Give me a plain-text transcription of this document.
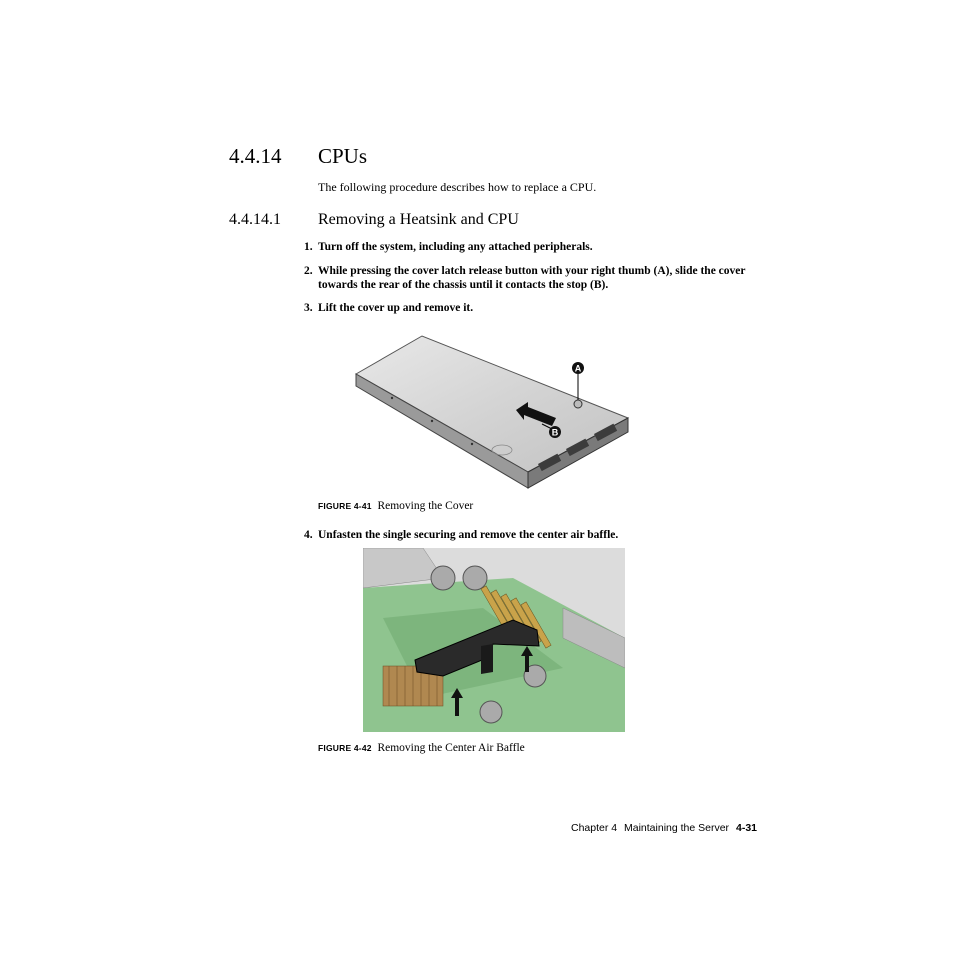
4.4.14 CPUs
The following procedure describes how to replace a CPU.
4.4.14.1 Removing a Heatsink and CPU
1. Turn off the system, including any attached peripherals.
2. While pressing the cover latch release button with your right thumb (A), slide the cover towards the rear of the chassis until it contacts the stop (B).
3. Lift the cover up and remove it.
A
B
FIGURE 4-41 Removing the Cover
4. Unfasten the single securing and remove the center air baffle.
FIGURE 4-42 Removing the Center Air Baffle
Chapter 4 Maintaining the Server 4-31
